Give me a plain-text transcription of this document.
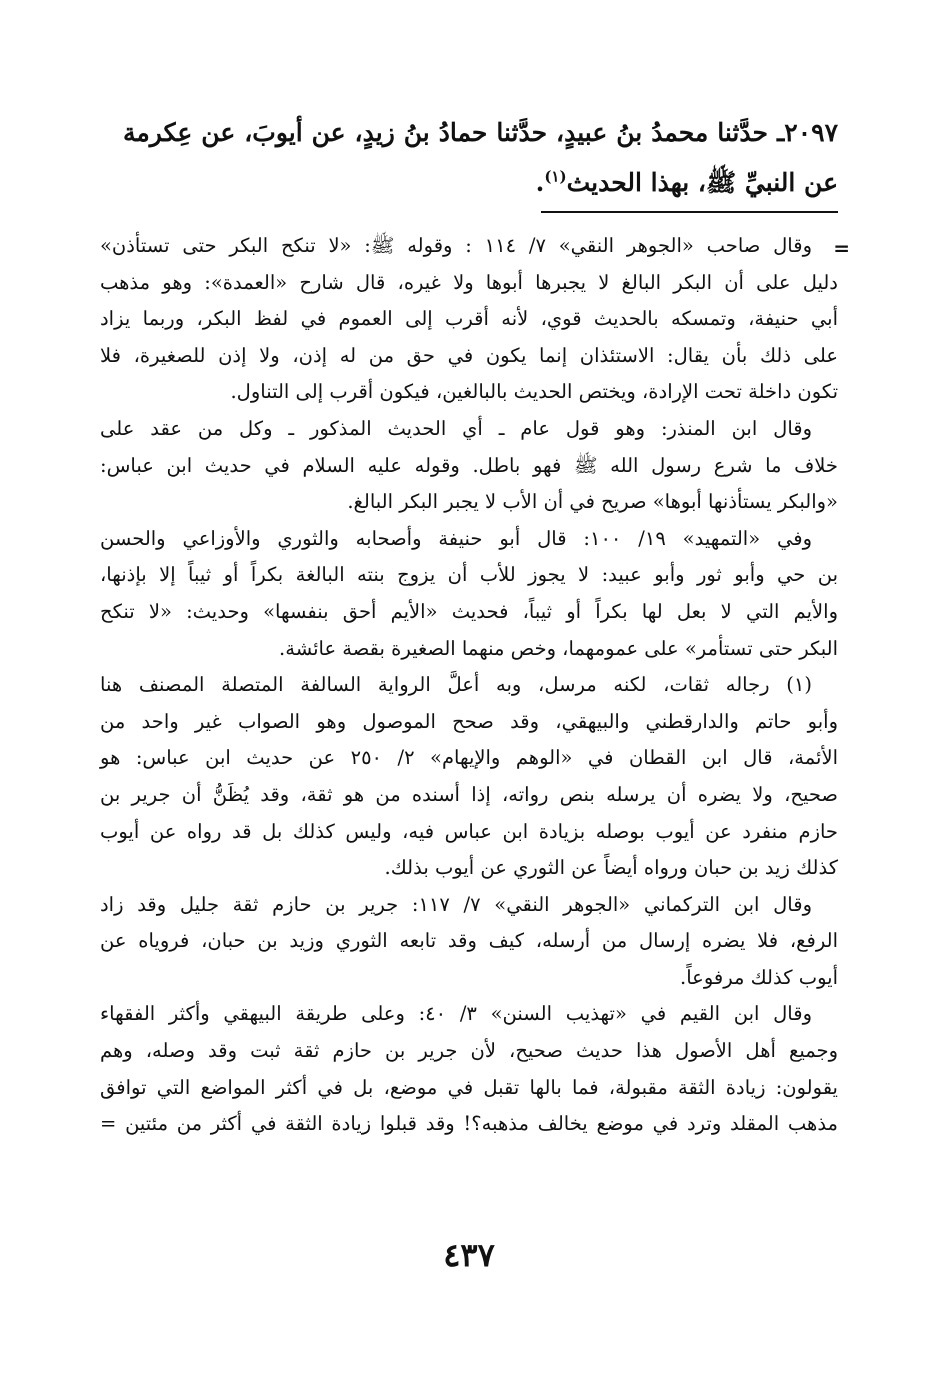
٢٠٩٧ـ حدَّثنا محمدُ بنُ عبيدٍ، حدَّثنا حمادُ بنُ زيدٍ، عن أيوبَ، عن عِكرمة

عن النبيِّ ﷺ، بهذا الحديث$^{(١)}$.

=

وقال صاحب «الجوهر النقي» ٧/ ١١٤ : وقوله ﷺ: «لا تنكح البكر حتى تستأذن»

دليل على أن البكر البالغ لا يجبرها أبوها ولا غيره، قال شارح «العمدة»: وهو مذهب

أبي حنيفة، وتمسكه بالحديث قوي، لأنه أقرب إلى العموم في لفظ البكر، وربما يزاد

على ذلك بأن يقال: الاستئذان إنما يكون في حق من له إذن، ولا إذن للصغيرة، فلا

تكون داخلة تحت الإرادة، ويختص الحديث بالبالغين، فيكون أقرب إلى التناول.

وقال ابن المنذر: وهو قول عام ـ أي الحديث المذكور ـ وكل من عقد على

خلاف ما شرع رسول الله ﷺ فهو باطل. وقوله عليه السلام في حديث ابن عباس:

«والبكر يستأذنها أبوها» صريح في أن الأب لا يجبر البكر البالغ.

وفي «التمهيد» ١٩/ ١٠٠: قال أبو حنيفة وأصحابه والثوري والأوزاعي والحسن

بن حي وأبو ثور وأبو عبيد: لا يجوز للأب أن يزوج بنته البالغة بكراً أو ثيباً إلا بإذنها،

والأيم التي لا بعل لها بكراً أو ثيباً، فحديث «الأيم أحق بنفسها» وحديث: «لا تنكح

البكر حتى تستأمر» على عمومهما، وخص منهما الصغيرة بقصة عائشة.

(١) رجاله ثقات، لكنه مرسل، وبه أعلَّ الرواية السالفة المتصلة المصنف هنا

وأبو حاتم والدارقطني والبيهقي، وقد صحح الموصول وهو الصواب غير واحد من

الأئمة، قال ابن القطان في «الوهم والإيهام» ٢/ ٢٥٠ عن حديث ابن عباس: هو

صحيح، ولا يضره أن يرسله بنص رواته، إذا أسنده من هو ثقة، وقد يُظَنُّ أن جرير بن

حازم منفرد عن أيوب بوصله بزيادة ابن عباس فيه، وليس كذلك بل قد رواه عن أيوب

كذلك زيد بن حبان ورواه أيضاً عن الثوري عن أيوب بذلك.

وقال ابن التركماني «الجوهر النقي» ٧/ ١١٧: جرير بن حازم ثقة جليل وقد زاد

الرفع، فلا يضره إرسال من أرسله، كيف وقد تابعه الثوري وزيد بن حبان، فروياه عن

أيوب كذلك مرفوعاً.

وقال ابن القيم في «تهذيب السنن» ٣/ ٤٠: وعلى طريقة البيهقي وأكثر الفقهاء

وجميع أهل الأصول هذا حديث صحيح، لأن جرير بن حازم ثقة ثبت وقد وصله، وهم

يقولون: زيادة الثقة مقبولة، فما بالها تقبل في موضع، بل في أكثر المواضع التي توافق

مذهب المقلد وترد في موضع يخالف مذهبه؟! وقد قبلوا زيادة الثقة في أكثر من مئتين =

٤٣٧
